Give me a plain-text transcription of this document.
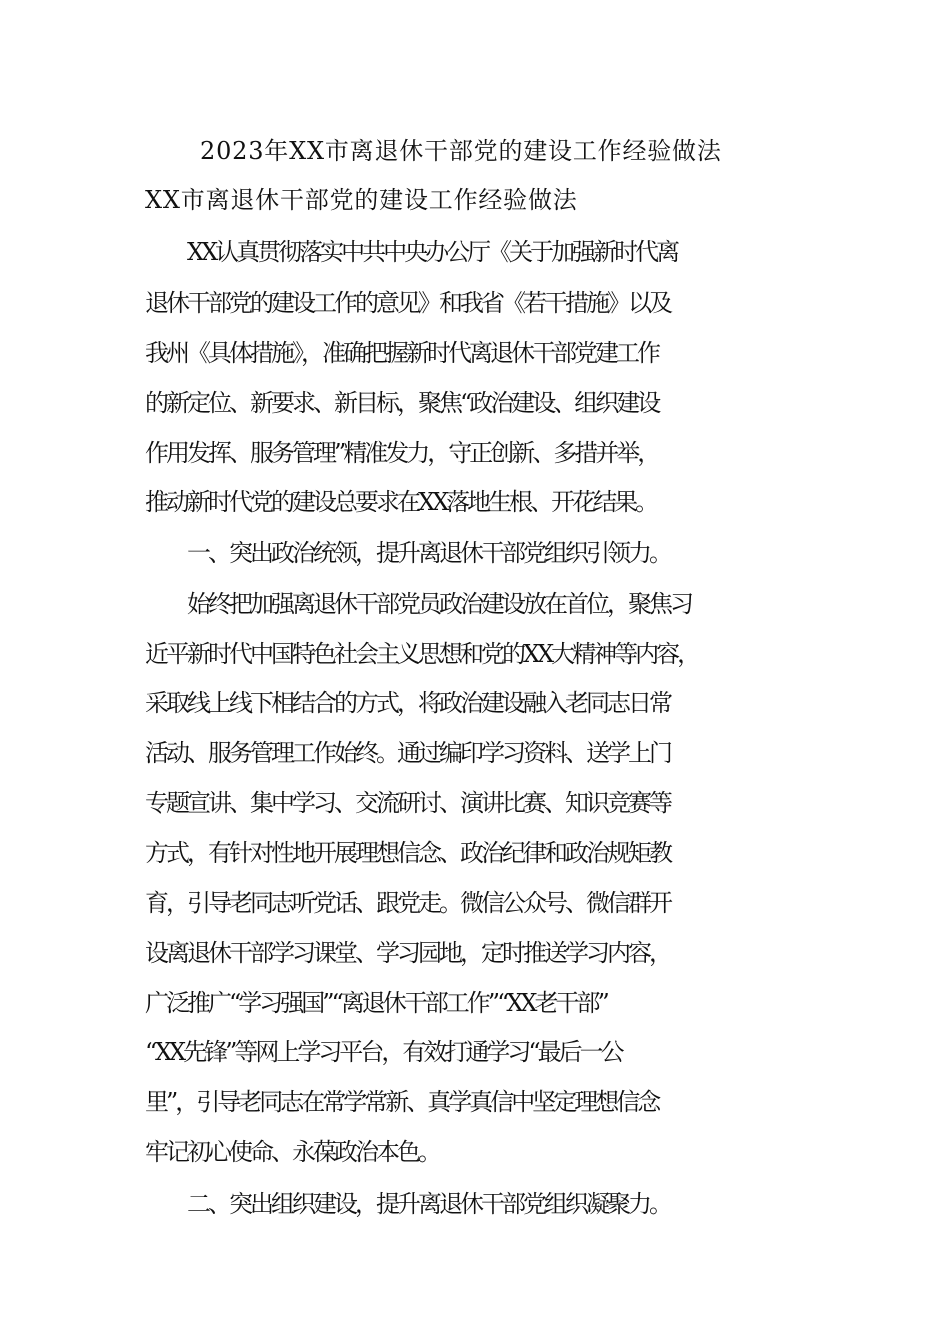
2023年XX市离退休干部党的建设工作经验做法
XX市离退休干部党的建设工作经验做法
XX认真贯彻落实中共中央办公厅《关于加强新时代离
退休干部党的建设工作的意见》和我省《若干措施》以及
我州《具体措施》，准确把握新时代离退休干部党建工作
的新定位、新要求、新目标，聚焦“政治建设、组织建设
作用发挥、服务管理”精准发力，守正创新、多措并举，
推动新时代党的建设总要求在XX落地生根、开花结果。
一、突出政治统领，提升离退休干部党组织引领力。
始终把加强离退休干部党员政治建设放在首位，聚焦习
近平新时代中国特色社会主义思想和党的XX大精神等内容，
采取线上线下相结合的方式，将政治建设融入老同志日常
活动、服务管理工作始终。通过编印学习资料、送学上门
专题宣讲、集中学习、交流研讨、演讲比赛、知识竞赛等
方式，有针对性地开展理想信念、政治纪律和政治规矩教
育，引导老同志听党话、跟党走。微信公众号、微信群开
设离退休干部学习课堂、学习园地，定时推送学习内容，
广泛推广“学习强国”“离退休干部工作”“XX老干部”
“XX先锋”等网上学习平台，有效打通学习“最后一公
里”，引导老同志在常学常新、真学真信中坚定理想信念
牢记初心使命、永葆政治本色。
二、突出组织建设，提升离退休干部党组织凝聚力。
